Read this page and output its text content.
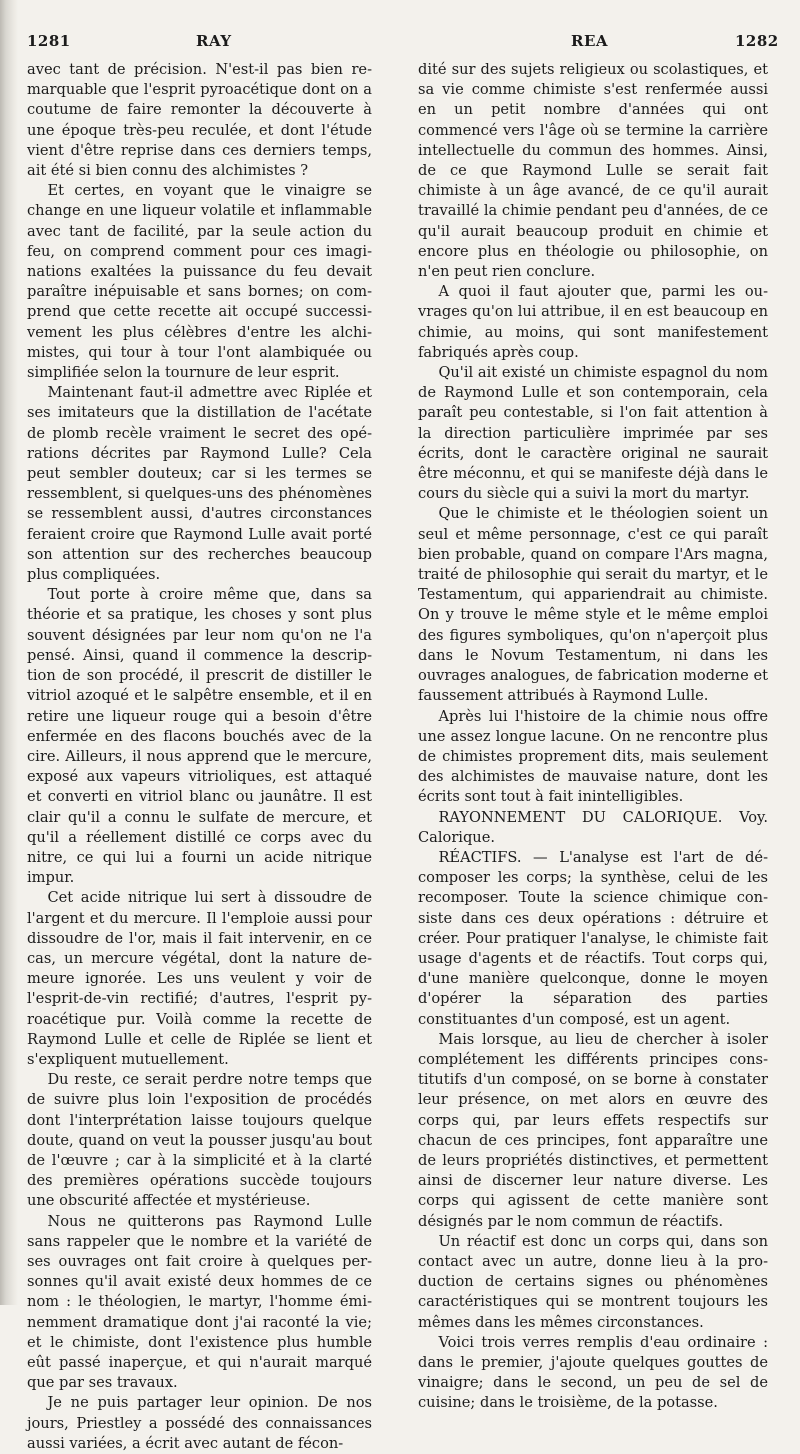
1281	RAY	REA	1282

avec tant de précision. N'est-il pas bien remarquable que l'esprit pyroacétique dont on a coutume de faire remonter la découverte à une époque très-peu reculée, et dont l'étude vient d'être reprise dans ces derniers temps, ait été si bien connu des alchimistes ?

Et certes, en voyant que le vinaigre se change en une liqueur volatile et inflammable avec tant de facilité, par la seule action du feu, on comprend comment pour ces imaginations exaltées la puissance du feu devait paraître inépuisable et sans bornes; on comprend que cette recette ait occupé successivement les plus célèbres d'entre les alchimistes, qui tour à tour l'ont alambiquée ou simplifiée selon la tournure de leur esprit.

Maintenant faut-il admettre avec Riplée et ses imitateurs que la distillation de l'acétate de plomb recèle vraiment le secret des opérations décrites par Raymond Lulle? Cela peut sembler douteux; car si les termes se ressemblent, si quelques-uns des phénomènes se ressemblent aussi, d'autres circonstances feraient croire que Raymond Lulle avait porté son attention sur des recherches beaucoup plus compliquées.

Tout porte à croire même que, dans sa théorie et sa pratique, les choses y sont plus souvent désignées par leur nom qu'on ne l'a pensé. Ainsi, quand il commence la description de son procédé, il prescrit de distiller le vitriol azoqué et le salpêtre ensemble, et il en retire une liqueur rouge qui a besoin d'être enfermée en des flacons bouchés avec de la cire. Ailleurs, il nous apprend que le mercure, exposé aux vapeurs vitrioliques, est attaqué et converti en vitriol blanc ou jaunâtre. Il est clair qu'il a connu le sulfate de mercure, et qu'il a réellement distillé ce corps avec du nitre, ce qui lui a fourni un acide nitrique impur.

Cet acide nitrique lui sert à dissoudre de l'argent et du mercure. Il l'emploie aussi pour dissoudre de l'or, mais il fait intervenir, en ce cas, un mercure végétal, dont la nature demeure ignorée. Les uns veulent y voir de l'esprit-de-vin rectifié; d'autres, l'esprit pyroacétique pur. Voilà comme la recette de Raymond Lulle et celle de Riplée se lient et s'expliquent mutuellement.

Du reste, ce serait perdre notre temps que de suivre plus loin l'exposition de procédés dont l'interprétation laisse toujours quelque doute, quand on veut la pousser jusqu'au bout de l'œuvre ; car à la simplicité et à la clarté des premières opérations succède toujours une obscurité affectée et mystérieuse.

Nous ne quitterons pas Raymond Lulle sans rappeler que le nombre et la variété de ses ouvrages ont fait croire à quelques personnes qu'il avait existé deux hommes de ce nom : le théologien, le martyr, l'homme éminemment dramatique dont j'ai raconté la vie; et le chimiste, dont l'existence plus humble eût passé inaperçue, et qui n'aurait marqué que par ses travaux.

Je ne puis partager leur opinion. De nos jours, Priestley a possédé des connaissances aussi variées, a écrit avec autant de fécon-

dité sur des sujets religieux ou scolastiques, et sa vie comme chimiste s'est renfermée aussi en un petit nombre d'années qui ont commencé vers l'âge où se termine la carrière intellectuelle du commun des hommes. Ainsi, de ce que Raymond Lulle se serait fait chimiste à un âge avancé, de ce qu'il aurait travaillé la chimie pendant peu d'années, de ce qu'il aurait beaucoup produit en chimie et encore plus en théologie ou philosophie, on n'en peut rien conclure.

A quoi il faut ajouter que, parmi les ouvrages qu'on lui attribue, il en est beaucoup en chimie, au moins, qui sont manifestement fabriqués après coup.

Qu'il ait existé un chimiste espagnol du nom de Raymond Lulle et son contemporain, cela paraît peu contestable, si l'on fait attention à la direction particulière imprimée par ses écrits, dont le caractère original ne saurait être méconnu, et qui se manifeste déjà dans le cours du siècle qui a suivi la mort du martyr.

Que le chimiste et le théologien soient un seul et même personnage, c'est ce qui paraît bien probable, quand on compare l'Ars magna, traité de philosophie qui serait du martyr, et le Testamentum, qui appariendrait au chimiste. On y trouve le même style et le même emploi des figures symboliques, qu'on n'aperçoit plus dans le Novum Testamentum, ni dans les ouvrages analogues, de fabrication moderne et faussement attribués à Raymond Lulle.

Après lui l'histoire de la chimie nous offre une assez longue lacune. On ne rencontre plus de chimistes proprement dits, mais seulement des alchimistes de mauvaise nature, dont les écrits sont tout à fait inintelligibles.

RAYONNEMENT DU CALORIQUE. Voy. Calorique.

RÉACTIFS. — L'analyse est l'art de décomposer les corps; la synthèse, celui de les recomposer. Toute la science chimique consiste dans ces deux opérations : détruire et créer. Pour pratiquer l'analyse, le chimiste fait usage d'agents et de réactifs. Tout corps qui, d'une manière quelconque, donne le moyen d'opérer la séparation des parties constituantes d'un composé, est un agent.

Mais lorsque, au lieu de chercher à isoler complétement les différents principes constitutifs d'un composé, on se borne à constater leur présence, on met alors en œuvre des corps qui, par leurs effets respectifs sur chacun de ces principes, font apparaître une de leurs propriétés distinctives, et permettent ainsi de discerner leur nature diverse. Les corps qui agissent de cette manière sont désignés par le nom commun de réactifs.

Un réactif est donc un corps qui, dans son contact avec un autre, donne lieu à la production de certains signes ou phénomènes caractéristiques qui se montrent toujours les mêmes dans les mêmes circonstances.

Voici trois verres remplis d'eau ordinaire : dans le premier, j'ajoute quelques gouttes de vinaigre; dans le second, un peu de sel de cuisine; dans le troisième, de la potasse.
